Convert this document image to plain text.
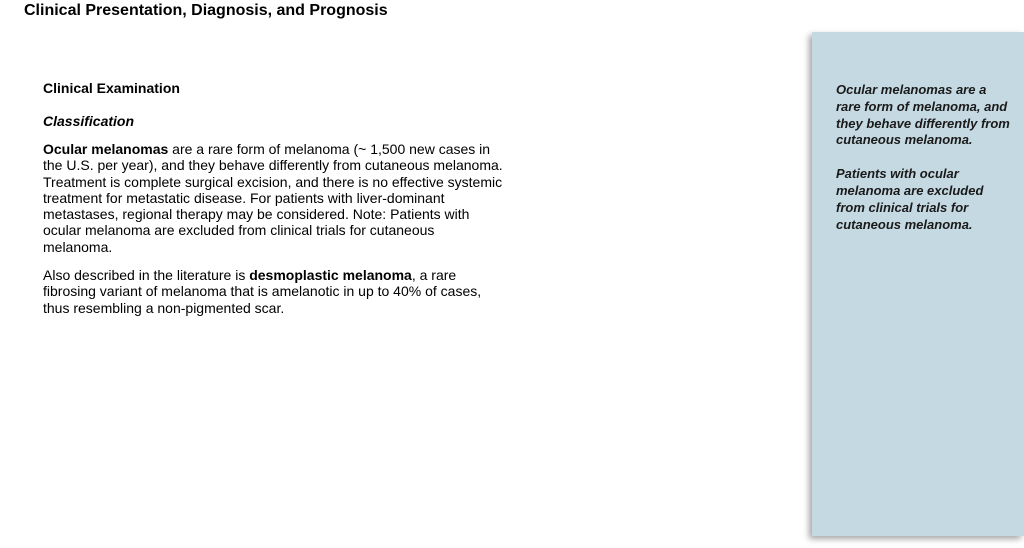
Clinical Presentation, Diagnosis, and Prognosis
Clinical Examination
Classification

Ocular melanomas are a rare form of melanoma (~ 1,500 new cases in the U.S. per year), and they behave differently from cutaneous melanoma. Treatment is complete surgical excision, and there is no effective systemic treatment for metastatic disease. For patients with liver-dominant metastases, regional therapy may be considered. Note: Patients with ocular melanoma are excluded from clinical trials for cutaneous melanoma.

Also described in the literature is desmoplastic melanoma, a rare fibrosing variant of melanoma that is amelanotic in up to 40% of cases, thus resembling a non-pigmented scar.

Ocular melanomas are a rare form of melanoma, and they behave differently from cutaneous melanoma.

Patients with ocular melanoma are excluded from clinical trials for cutaneous melanoma.
